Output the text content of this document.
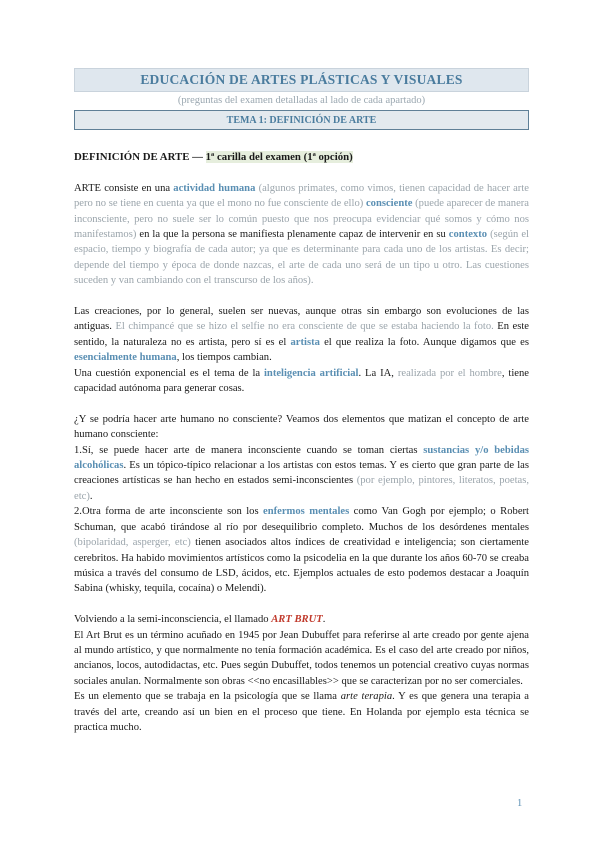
EDUCACIÓN DE ARTES PLÁSTICAS Y VISUALES
(preguntas del examen detalladas al lado de cada apartado)
TEMA 1: DEFINICIÓN DE ARTE

DEFINICIÓN DE ARTE — 1ª carilla del examen (1ª opción)

ARTE consiste en una actividad humana (algunos primates, como vimos, tienen capacidad de hacer arte pero no se tiene en cuenta ya que el mono no fue consciente de ello) consciente (puede aparecer de manera inconsciente, pero no suele ser lo común puesto que nos preocupa evidenciar qué somos y cómo nos manifestamos) en la que la persona se manifiesta plenamente capaz de intervenir en su contexto (según el espacio, tiempo y biografía de cada autor; ya que es determinante para cada uno de los artistas. Es decir; depende del tiempo y época de donde nazcas, el arte de cada uno será de un tipo u otro. Las cuestiones suceden y van cambiando con el transcurso de los años).

Las creaciones, por lo general, suelen ser nuevas, aunque otras sin embargo son evoluciones de las antiguas. El chimpancé que se hizo el selfie no era consciente de que se estaba haciendo la foto. En este sentido, la naturaleza no es artista, pero sí es el artista el que realiza la foto. Aunque digamos que es esencialmente humana, los tiempos cambian.

Una cuestión exponencial es el tema de la inteligencia artificial. La IA, realizada por el hombre, tiene capacidad autónoma para generar cosas.

¿Y se podría hacer arte humano no consciente? Veamos dos elementos que matizan el concepto de arte humano consciente:

1.Sí, se puede hacer arte de manera inconsciente cuando se toman ciertas sustancias y/o bebidas alcohólicas. Es un tópico-típico relacionar a los artistas con estos temas. Y es cierto que gran parte de las creaciones artísticas se han hecho en estados semi-inconscientes (por ejemplo, pintores, literatos, poetas, etc).

2.Otra forma de arte inconsciente son los enfermos mentales como Van Gogh por ejemplo; o Robert Schuman, que acabó tirándose al río por desequilibrio completo. Muchos de los desórdenes mentales (bipolaridad, asperger, etc) tienen asociados altos índices de creatividad e inteligencia; son ciertamente cerebritos. Ha habido movimientos artísticos como la psicodelia en la que durante los años 60-70 se creaba música a través del consumo de LSD, ácidos, etc. Ejemplos actuales de esto podemos destacar a Joaquín Sabina (whisky, tequila, cocaína) o Melendi).

Volviendo a la semi-inconsciencia, el llamado ART BRUT.

El Art Brut es un término acuñado en 1945 por Jean Dubuffet para referirse al arte creado por gente ajena al mundo artístico, y que normalmente no tenía formación académica. Es el caso del arte creado por niños, ancianos, locos, autodidactas, etc. Pues según Dubuffet, todos tenemos un potencial creativo cuyas normas sociales anulan. Normalmente son obras <<no encasillables>> que se caracterizan por no ser comerciales.

Es un elemento que se trabaja en la psicología que se llama arte terapia. Y es que genera una terapia a través del arte, creando así un bien en el proceso que tiene. En Holanda por ejemplo esta técnica se practica mucho.

1
